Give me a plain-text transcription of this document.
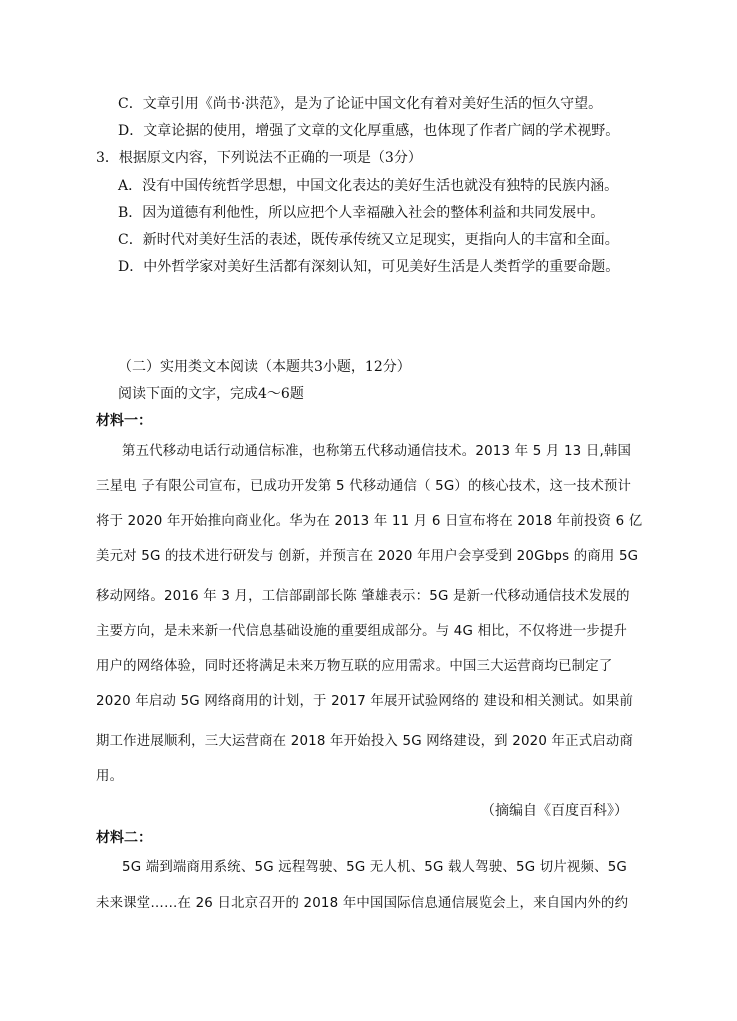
C．文章引用《尚书·洪范》，是为了论证中国文化有着对美好生活的恒久守望。
D．文章论据的使用，增强了文章的文化厚重感，也体现了作者广阔的学术视野。
3．根据原文内容，下列说法不正确的一项是（3分）
A．没有中国传统哲学思想，中国文化表达的美好生活也就没有独特的民族内涵。
B．因为道德有利他性，所以应把个人幸福融入社会的整体利益和共同发展中。
C．新时代对美好生活的表述，既传承传统又立足现实，更指向人的丰富和全面。
D．中外哲学家对美好生活都有深刻认知，可见美好生活是人类哲学的重要命题。
（二）实用类文本阅读（本题共3小题，12分）
阅读下面的文字，完成4～6题
材料一：
第五代移动电话行动通信标准，也称第五代移动通信技术。2013 年 5 月 13 日,韩国
三星电 子有限公司宣布，已成功开发第 5 代移动通信（ 5G）的核心技术，这一技术预计
将于 2020 年开始推向商业化。华为在 2013 年 11 月 6 日宣布将在 2018 年前投资 6 亿
美元对 5G 的技术进行研发与 创新，并预言在 2020 年用户会享受到 20Gbps 的商用 5G
移动网络。2016 年 3 月，工信部副部长陈 肇雄表示：5G 是新一代移动通信技术发展的
主要方向，是未来新一代信息基础设施的重要组成部分。与 4G 相比，不仅将进一步提升
用户的网络体验，同时还将满足未来万物互联的应用需求。中国三大运营商均已制定了
2020 年启动 5G 网络商用的计划，于 2017 年展开试验网络的 建设和相关测试。如果前
期工作进展顺利，三大运营商在 2018 年开始投入 5G 网络建设，到 2020 年正式启动商
用。
（摘编自《百度百科》）
材料二：
5G 端到端商用系统、5G 远程驾驶、5G 无人机、5G 载人驾驶、5G 切片视频、5G
未来课堂……在 26 日北京召开的 2018 年中国国际信息通信展览会上，来自国内外的约
